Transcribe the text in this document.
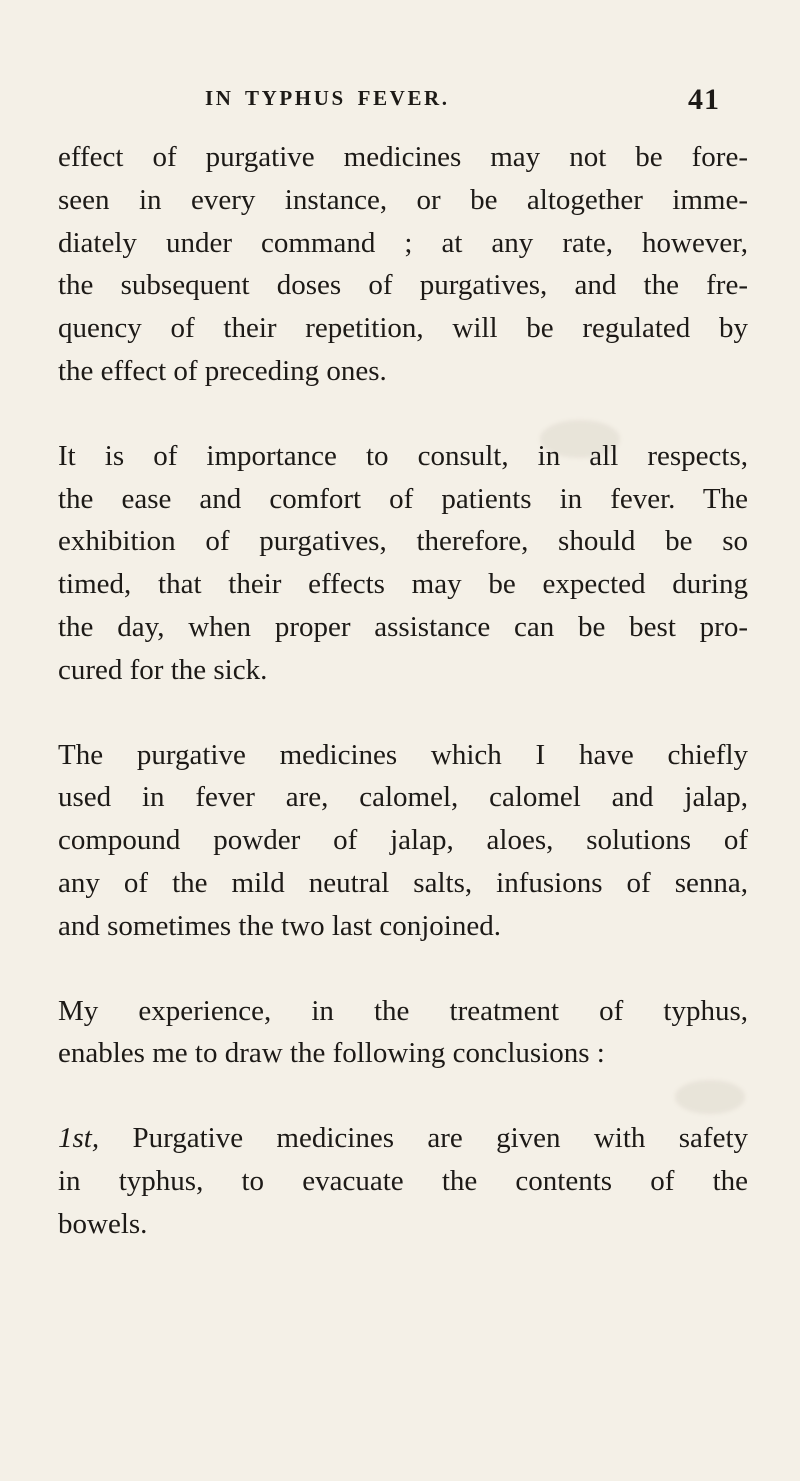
IN TYPHUS FEVER.	41

effect of purgative medicines may not be fore-
seen in every instance, or be altogether imme-
diately under command ; at any rate, however,
the subsequent doses of purgatives, and the fre-
quency of their repetition, will be regulated by
the effect of preceding ones.

It is of importance to consult, in all respects,
the ease and comfort of patients in fever. The
exhibition of purgatives, therefore, should be so
timed, that their effects may be expected during
the day, when proper assistance can be best pro-
cured for the sick.

The purgative medicines which I have chiefly
used in fever are, calomel, calomel and jalap,
compound powder of jalap, aloes, solutions of
any of the mild neutral salts, infusions of senna,
and sometimes the two last conjoined.

My experience, in the treatment of typhus,
enables me to draw the following conclusions :

1st, Purgative medicines are given with safety
in typhus, to evacuate the contents of the
bowels.
